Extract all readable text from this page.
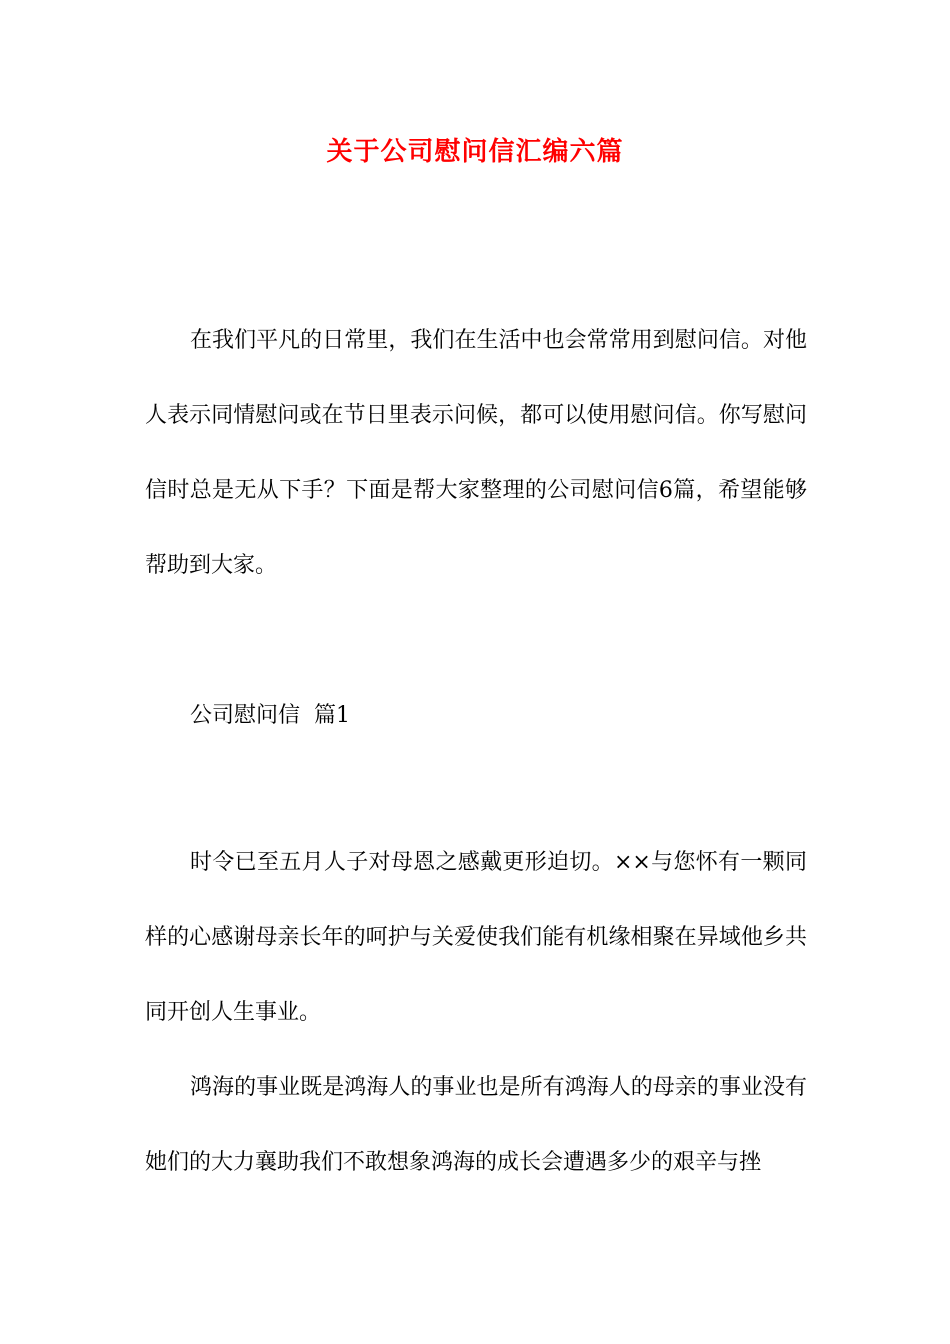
关于公司慰问信汇编六篇

在我们平凡的日常里，我们在生活中也会常常用到慰问信。对他人表示同情慰问或在节日里表示问候，都可以使用慰问信。你写慰问信时总是无从下手？下面是帮大家整理的公司慰问信6篇，希望能够帮助到大家。

公司慰问信  篇1

时令已至五月人子对母恩之感戴更形迫切。××与您怀有一颗同样的心感谢母亲长年的呵护与关爱使我们能有机缘相聚在异域他乡共同开创人生事业。

鸿海的事业既是鸿海人的事业也是所有鸿海人的母亲的事业没有她们的大力襄助我们不敢想象鸿海的成长会遭遇多少的艰辛与挫
